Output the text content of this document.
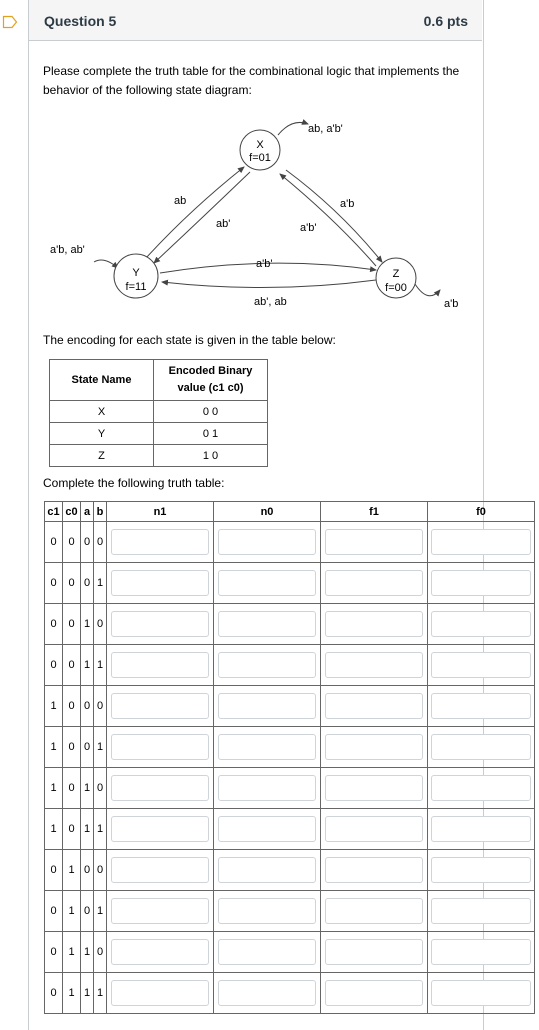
Question 5	0.6 pts
Please complete the truth table for the combinational logic that implements the behavior of the following state diagram:
X
f=01
Y
f=11
Z
f=00
ab, a'b'
a'b, ab'
a'b
ab
ab'
a'b
a'b'
a'b'
ab', ab
The encoding for each state is given in the table below:
State Name	Encoded Binary value (c1 c0)
X	0 0
Y	0 1
Z	1 0
Complete the following truth table:
c1	c0	a	b	n1	n0	f1	f0
0	0	0	0	

0	0	0	1	

0	0	1	0	

0	0	1	1	

1	0	0	0	

1	0	0	1	

1	0	1	0	

1	0	1	1	

0	1	0	0	

0	1	0	1	

0	1	1	0	

0	1	1	1	
